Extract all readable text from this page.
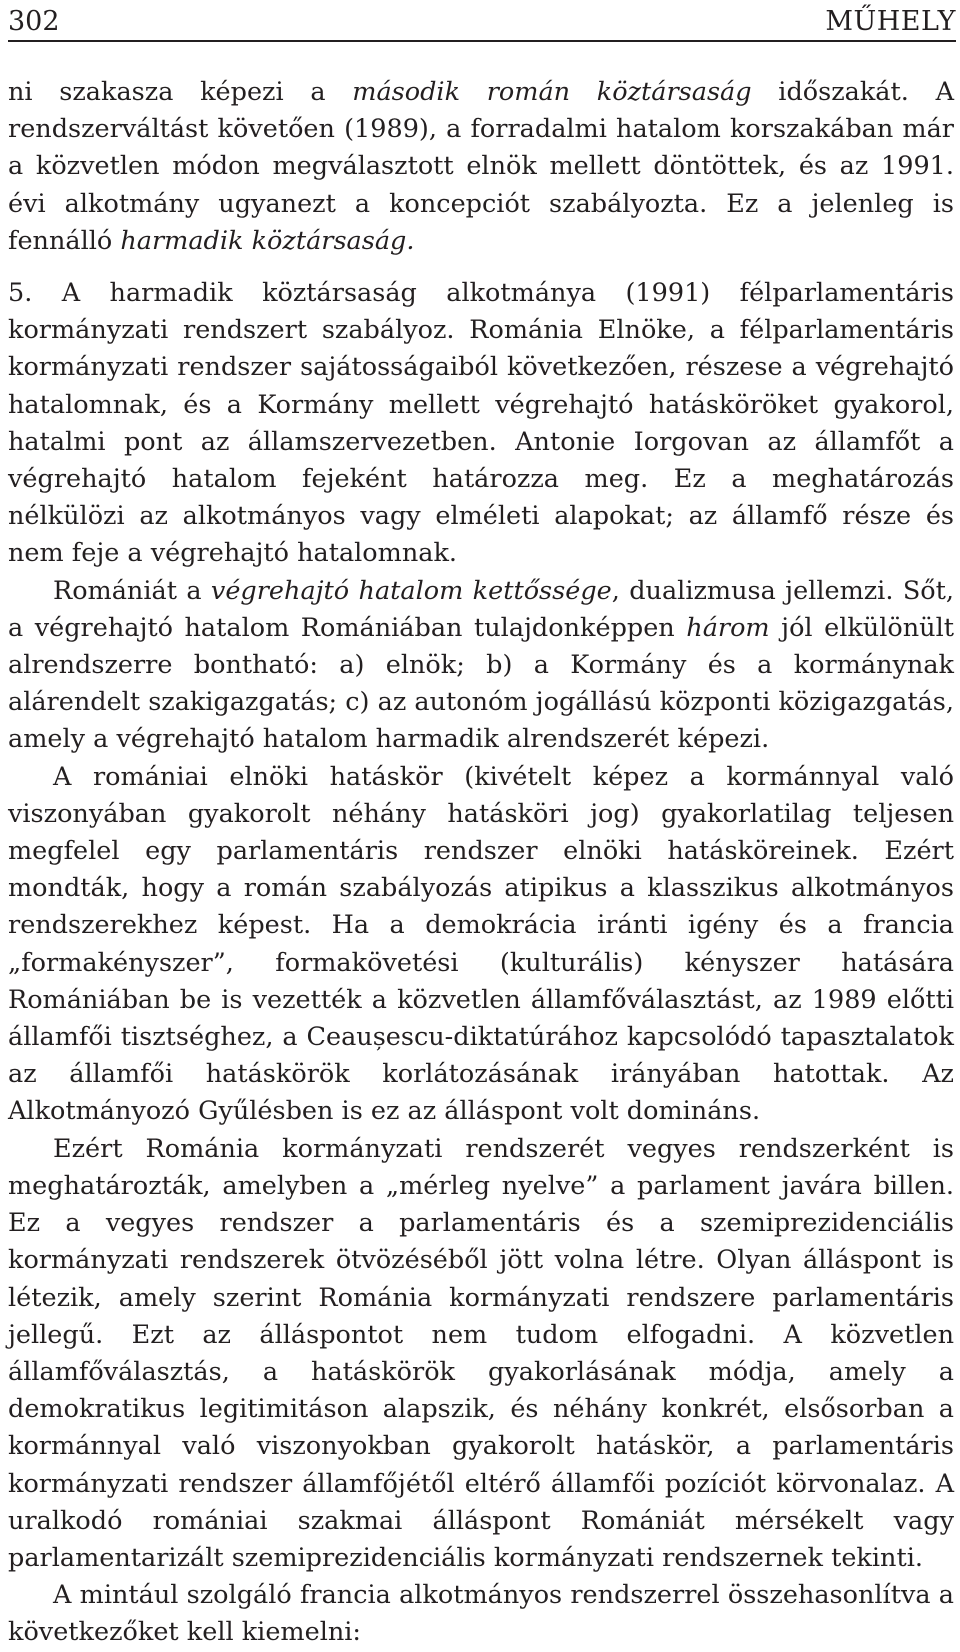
302	MŰHELY

ni szakasza képezi a második román köztársaság időszakát. A rendszerváltást követően (1989), a forradalmi hatalom korszakában már a közvetlen módon megválasztott elnök mellett döntöttek, és az 1991. évi alkotmány ugyanezt a koncepciót szabályozta. Ez a jelenleg is fennálló harmadik köztársaság.

5. A harmadik köztársaság alkotmánya (1991) félparlamentáris kormányzati rendszert szabályoz. Románia Elnöke, a félparlamentáris kormányzati rendszer sajátosságaiból következően, részese a végrehajtó hatalomnak, és a Kormány mellett végrehajtó hatásköröket gyakorol, hatalmi pont az államszervezetben. Antonie Iorgovan az államfőt a végrehajtó hatalom fejeként határozza meg. Ez a meghatározás nélkülözi az alkotmányos vagy elméleti alapokat; az államfő része és nem feje a végrehajtó hatalomnak.

Romániát a végrehajtó hatalom kettőssége, dualizmusa jellemzi. Sőt, a végrehajtó hatalom Romániában tulajdonképpen három jól elkülönült alrendszerre bontható: a) elnök; b) a Kormány és a kormánynak alárendelt szakigazgatás; c) az autonóm jogállású központi közigazgatás, amely a végrehajtó hatalom harmadik alrendszerét képezi.

A romániai elnöki hatáskör (kivételt képez a kormánnyal való viszonyában gyakorolt néhány hatásköri jog) gyakorlatilag teljesen megfelel egy parlamentáris rendszer elnöki hatásköreinek. Ezért mondták, hogy a román szabályozás atipikus a klasszikus alkotmányos rendszerekhez képest. Ha a demokrácia iránti igény és a francia „formakényszer”, formakövetési (kulturális) kényszer hatására Romániában be is vezették a közvetlen államfőválasztást, az 1989 előtti államfői tisztséghez, a Ceaușescu-diktatúrához kapcsolódó tapasztalatok az államfői hatáskörök korlátozásának irányában hatottak. Az Alkotmányozó Gyűlésben is ez az álláspont volt domináns.

Ezért Románia kormányzati rendszerét vegyes rendszerként is meghatározták, amelyben a „mérleg nyelve” a parlament javára billen. Ez a vegyes rendszer a parlamentáris és a szemiprezidenciális kormányzati rendszerek ötvözéséből jött volna létre. Olyan álláspont is létezik, amely szerint Románia kormányzati rendszere parlamentáris jellegű. Ezt az álláspontot nem tudom elfogadni. A közvetlen államfőválasztás, a hatáskörök gyakorlásának módja, amely a demokratikus legitimitáson alapszik, és néhány konkrét, elsősorban a kormánnyal való viszonyokban gyakorolt hatáskör, a parlamentáris kormányzati rendszer államfőjétől eltérő államfői pozíciót körvonalaz. A uralkodó romániai szakmai álláspont Romániát mérsékelt vagy parlamentarizált szemiprezidenciális kormányzati rendszernek tekinti.

A mintául szolgáló francia alkotmányos rendszerrel összehasonlítva a következőket kell kiemelni:
